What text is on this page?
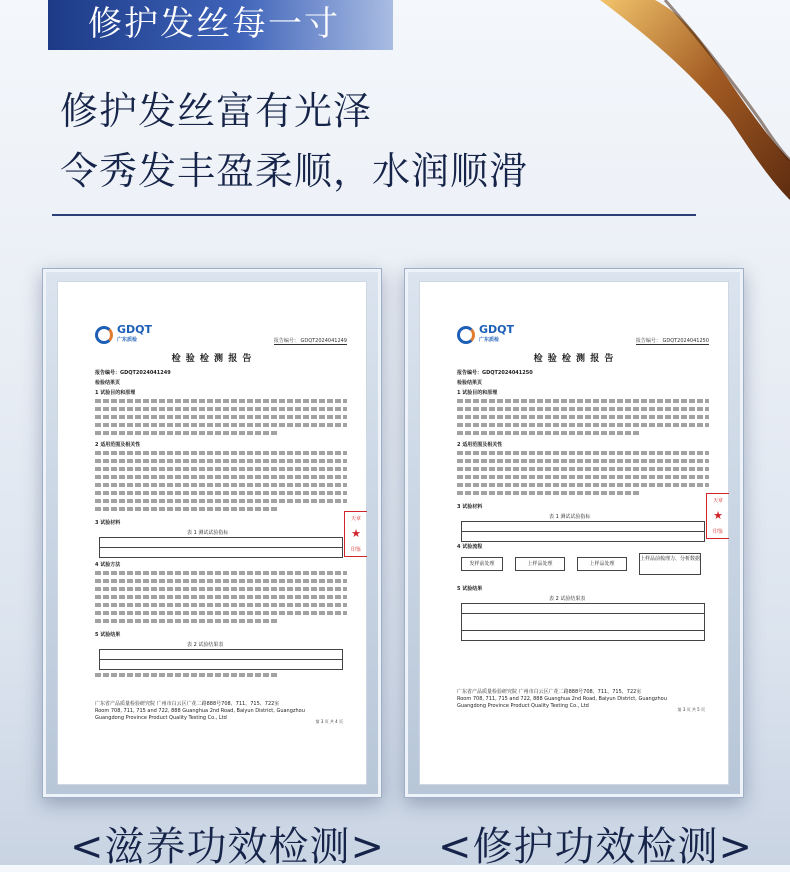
修护发丝每一寸
修护发丝富有光泽
令秀发丰盈柔顺，水润顺滑
GDQT
广东质检	报告编号： GDQT2024041249
检 验 检 测 报 告
报告编号：GDQT2024041249
检验结果页
1 试验目的和原理
2 适用范围及相关性
3 试验材料
表 1 测试试验指标
4 试验方法
5 试验结果
表 2 试验结果表
广东省产品质量检验研究院 广州市白云区广花二路888号708、711、715、722室
Room 708, 711, 715 and 722, 888 Guanghua 2nd Road, Baiyun District, Guangzhou
Guangdong Province Product Quality Testing Co., Ltd
第 3 页 共 4 页
天章
★
印鉴
GDQT
广东质检	报告编号： GDQT2024041250
检 验 检 测 报 告
报告编号：GDQT2024041250
检验结果页
1 试验目的和原理
2 适用范围及相关性
3 试验材料
表 1 测试试验指标
4 试验流程
发样前处理	上样品处理	上样品处理
上样品前梳理力、分析数据
5 试验结果
表 2 试验结果表
广东省产品质量检验研究院 广州市白云区广花二路888号708、711、715、722室
Room 708, 711, 715 and 722, 888 Guanghua 2nd Road, Baiyun District, Guangzhou
Guangdong Province Product Quality Testing Co., Ltd
第 3 页 共 5 页
天章
★
印鉴
<滋养功效检测> <修护功效检测>
